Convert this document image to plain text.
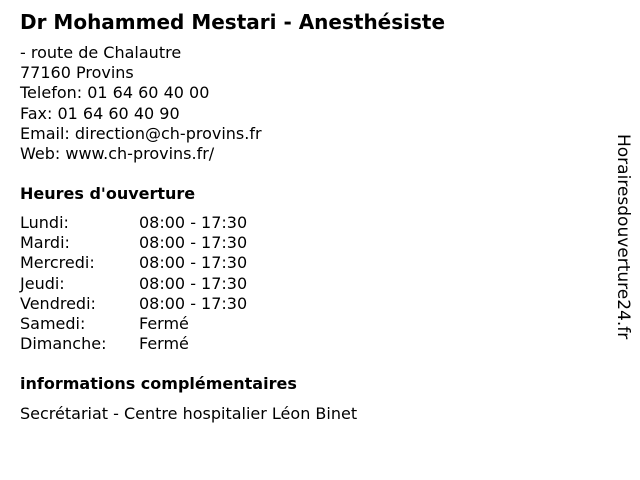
Dr Mohammed Mestari - Anesthésiste
- route de Chalautre
77160 Provins
Telefon: 01 64 60 40 00
Fax: 01 64 60 40 90
Email: direction@ch-provins.fr
Web: www.ch-provins.fr/
Heures d'ouverture
Lundi:	08:00 - 17:30
Mardi:	08:00 - 17:30
Mercredi:	08:00 - 17:30
Jeudi:	08:00 - 17:30
Vendredi:	08:00 - 17:30
Samedi:	Fermé
Dimanche: Fermé
informations complémentaires
Secrétariat - Centre hospitalier Léon Binet
Horairesdouverture24.fr
